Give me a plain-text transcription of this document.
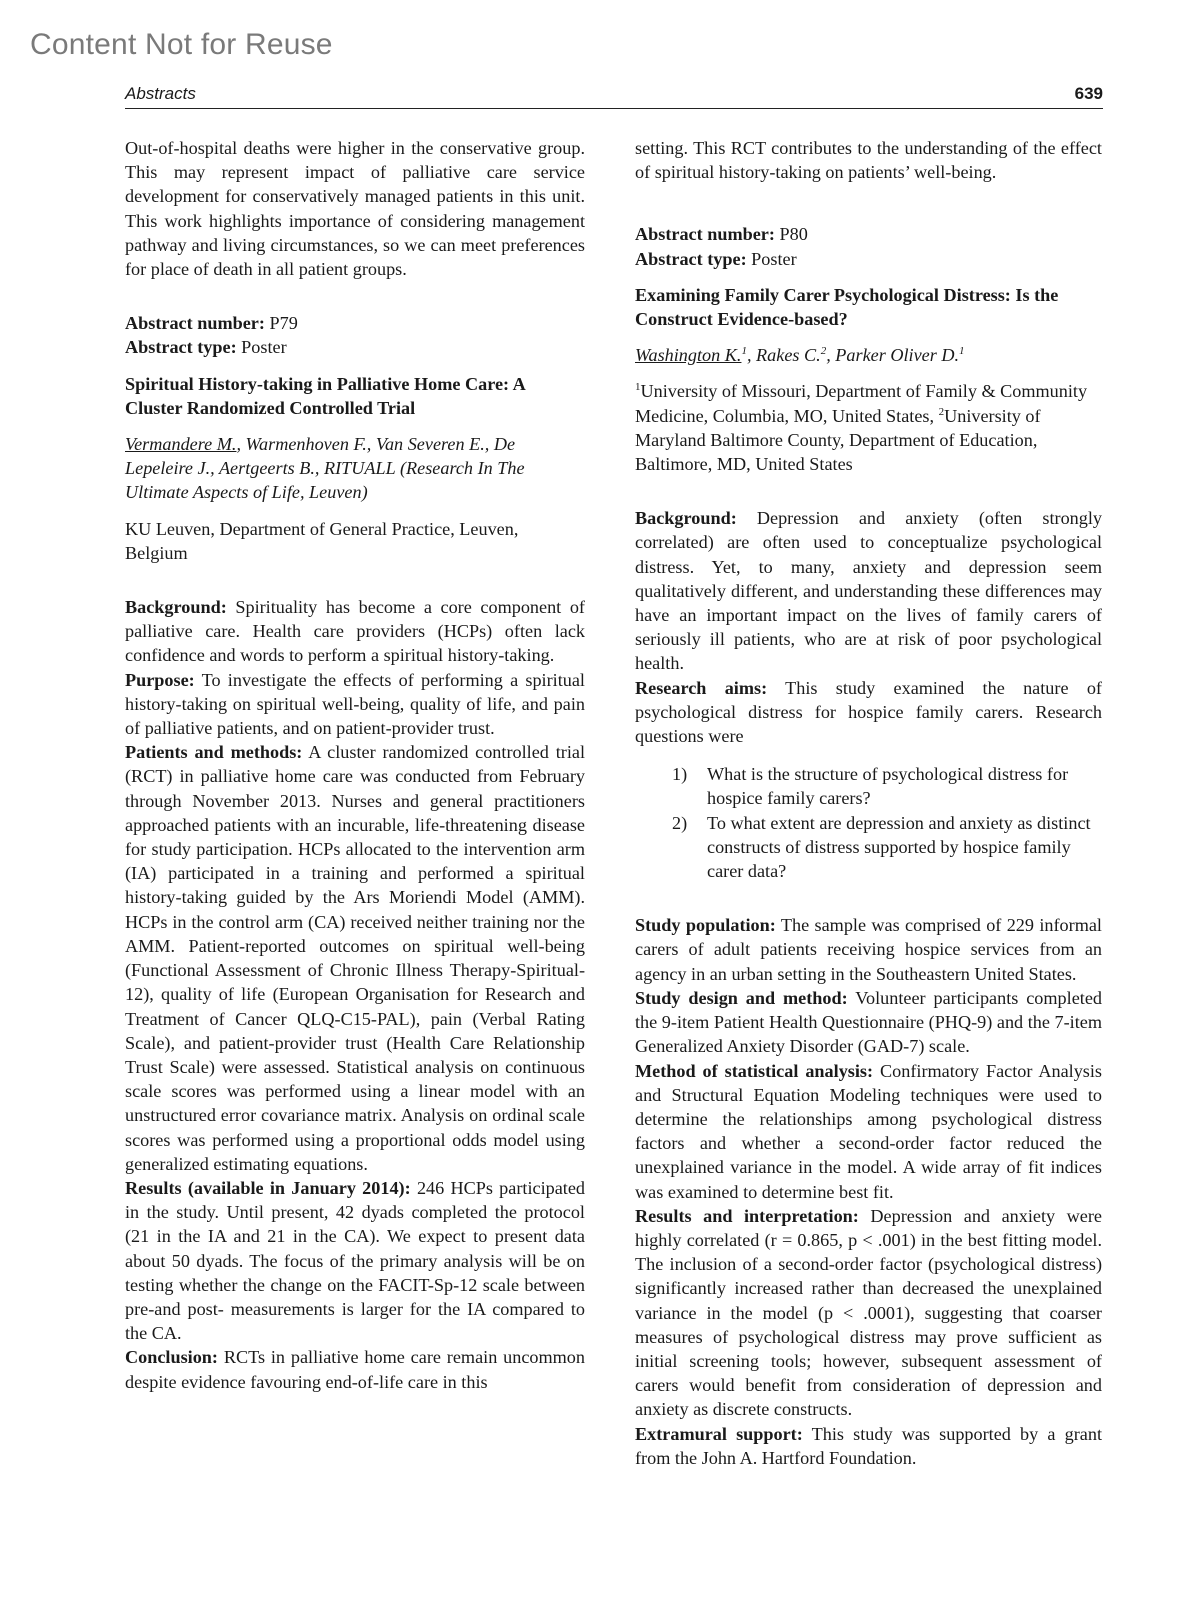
Content Not for Reuse
Abstracts	639

Out-of-hospital deaths were higher in the conservative group. This may represent impact of palliative care service development for conservatively managed patients in this unit. This work highlights importance of considering management pathway and living circumstances, so we can meet preferences for place of death in all patient groups.

Abstract number: P79

Abstract type: Poster

Spiritual History-taking in Palliative Home Care: A Cluster Randomized Controlled Trial

Vermandere M., Warmenhoven F., Van Severen E., De Lepeleire J., Aertgeerts B., RITUALL (Research In The Ultimate Aspects of Life, Leuven)

KU Leuven, Department of General Practice, Leuven, Belgium

Background: Spirituality has become a core component of palliative care. Health care providers (HCPs) often lack confidence and words to perform a spiritual history-taking.

Purpose: To investigate the effects of performing a spiritual history-taking on spiritual well-being, quality of life, and pain of palliative patients, and on patient-provider trust.

Patients and methods: A cluster randomized controlled trial (RCT) in palliative home care was conducted from February through November 2013. Nurses and general practitioners approached patients with an incurable, life-threatening disease for study participation. HCPs allocated to the intervention arm (IA) participated in a training and performed a spiritual history-taking guided by the Ars Moriendi Model (AMM). HCPs in the control arm (CA) received neither training nor the AMM. Patient-reported outcomes on spiritual well-being (Functional Assessment of Chronic Illness Therapy-Spiritual-12), quality of life (European Organisation for Research and Treatment of Cancer QLQ-C15-PAL), pain (Verbal Rating Scale), and patient-provider trust (Health Care Relationship Trust Scale) were assessed. Statistical analysis on continuous scale scores was performed using a linear model with an unstructured error covariance matrix. Analysis on ordinal scale scores was performed using a proportional odds model using generalized estimating equations.

Results (available in January 2014): 246 HCPs participated in the study. Until present, 42 dyads completed the protocol (21 in the IA and 21 in the CA). We expect to present data about 50 dyads. The focus of the primary analysis will be on testing whether the change on the FACIT-Sp-12 scale between pre-and post- measurements is larger for the IA compared to the CA.

Conclusion: RCTs in palliative home care remain uncommon despite evidence favouring end-of-life care in this

setting. This RCT contributes to the understanding of the effect of spiritual history-taking on patients’ well-being.

Abstract number: P80

Abstract type: Poster

Examining Family Carer Psychological Distress: Is the Construct Evidence-based?

Washington K.$^1$, Rakes C.$^2$, Parker Oliver D.$^1$

$^1$University of Missouri, Department of Family & Community Medicine, Columbia, MO, United States, $^2$University of Maryland Baltimore County, Department of Education, Baltimore, MD, United States

Background: Depression and anxiety (often strongly correlated) are often used to conceptualize psychological distress. Yet, to many, anxiety and depression seem qualitatively different, and understanding these differences may have an important impact on the lives of family carers of seriously ill patients, who are at risk of poor psychological health.

Research aims: This study examined the nature of psychological distress for hospice family carers. Research questions were

1) What is the structure of psychological distress for hospice family carers?
2) To what extent are depression and anxiety as distinct constructs of distress supported by hospice family carer data?

Study population: The sample was comprised of 229 informal carers of adult patients receiving hospice services from an agency in an urban setting in the Southeastern United States.

Study design and method: Volunteer participants completed the 9-item Patient Health Questionnaire (PHQ-9) and the 7-item Generalized Anxiety Disorder (GAD-7) scale.

Method of statistical analysis: Confirmatory Factor Analysis and Structural Equation Modeling techniques were used to determine the relationships among psychological distress factors and whether a second-order factor reduced the unexplained variance in the model. A wide array of fit indices was examined to determine best fit.

Results and interpretation: Depression and anxiety were highly correlated (r = 0.865, p < .001) in the best fitting model. The inclusion of a second-order factor (psychological distress) significantly increased rather than decreased the unexplained variance in the model (p < .0001), suggesting that coarser measures of psychological distress may prove sufficient as initial screening tools; however, subsequent assessment of carers would benefit from consideration of depression and anxiety as discrete constructs.

Extramural support: This study was supported by a grant from the John A. Hartford Foundation.
